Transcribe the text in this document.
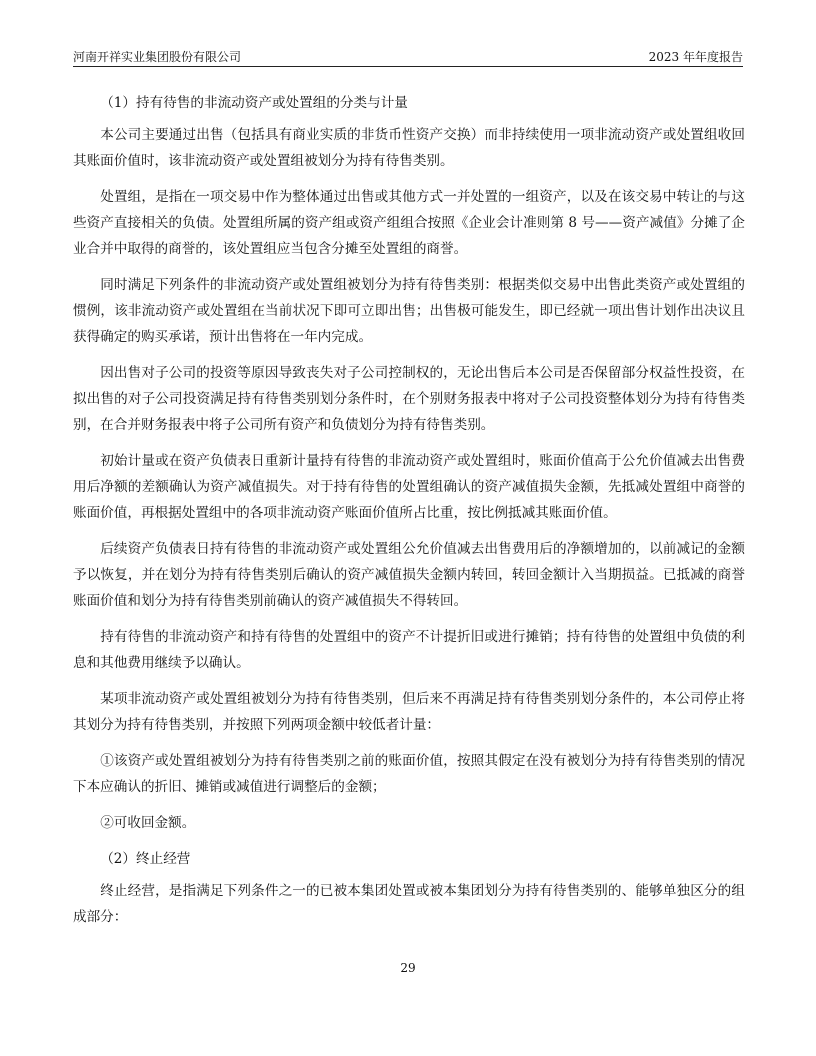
河南开祥实业集团股份有限公司	2023 年年度报告
（1）持有待售的非流动资产或处置组的分类与计量

本公司主要通过出售（包括具有商业实质的非货币性资产交换）而非持续使用一项非流动资产或处置组收回其账面价值时，该非流动资产或处置组被划分为持有待售类别。

处置组，是指在一项交易中作为整体通过出售或其他方式一并处置的一组资产，以及在该交易中转让的与这些资产直接相关的负债。处置组所属的资产组或资产组组合按照《企业会计准则第 8 号——资产减值》分摊了企业合并中取得的商誉的，该处置组应当包含分摊至处置组的商誉。

同时满足下列条件的非流动资产或处置组被划分为持有待售类别：根据类似交易中出售此类资产或处置组的惯例，该非流动资产或处置组在当前状况下即可立即出售；出售极可能发生，即已经就一项出售计划作出决议且获得确定的购买承诺，预计出售将在一年内完成。

因出售对子公司的投资等原因导致丧失对子公司控制权的，无论出售后本公司是否保留部分权益性投资，在拟出售的对子公司投资满足持有待售类别划分条件时，在个别财务报表中将对子公司投资整体划分为持有待售类别，在合并财务报表中将子公司所有资产和负债划分为持有待售类别。

初始计量或在资产负债表日重新计量持有待售的非流动资产或处置组时，账面价值高于公允价值减去出售费用后净额的差额确认为资产减值损失。对于持有待售的处置组确认的资产减值损失金额，先抵减处置组中商誉的账面价值，再根据处置组中的各项非流动资产账面价值所占比重，按比例抵减其账面价值。

后续资产负债表日持有待售的非流动资产或处置组公允价值减去出售费用后的净额增加的，以前减记的金额予以恢复，并在划分为持有待售类别后确认的资产减值损失金额内转回，转回金额计入当期损益。已抵减的商誉账面价值和划分为持有待售类别前确认的资产减值损失不得转回。

持有待售的非流动资产和持有待售的处置组中的资产不计提折旧或进行摊销；持有待售的处置组中负债的利息和其他费用继续予以确认。

某项非流动资产或处置组被划分为持有待售类别，但后来不再满足持有待售类别划分条件的，本公司停止将其划分为持有待售类别，并按照下列两项金额中较低者计量：

①该资产或处置组被划分为持有待售类别之前的账面价值，按照其假定在没有被划分为持有待售类别的情况下本应确认的折旧、摊销或减值进行调整后的金额；

②可收回金额。

（2）终止经营

终止经营，是指满足下列条件之一的已被本集团处置或被本集团划分为持有待售类别的、能够单独区分的组成部分：

29
